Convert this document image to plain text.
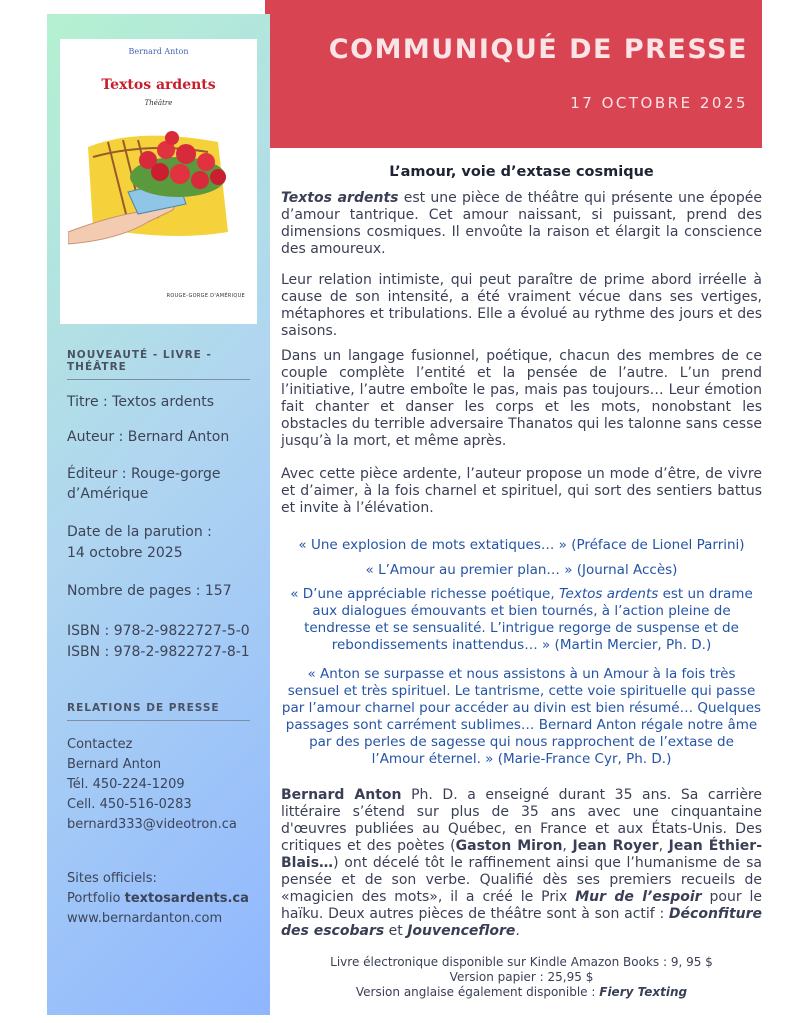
COMMUNIQUÉ DE PRESSE
17 OCTOBRE 2025
Bernard Anton
Textos ardents
Théâtre
ROUGE-GORGE D'AMÉRIQUE
NOUVEAUTÉ - LIVRE - THÉÂTRE
Titre : Textos ardents
Auteur : Bernard Anton
Éditeur : Rouge-gorge d’Amérique
Date de la parution :
14 octobre 2025
Nombre de pages : 157
ISBN : 978-2-9822727-5-0
ISBN : 978-2-9822727-8-1
RELATIONS DE PRESSE
Contactez
Bernard Anton
Tél. 450-224-1209
Cell. 450-516-0283
bernard333@videotron.ca
Sites officiels:
Portfolio textosardents.ca
www.bernardanton.com
L’amour, voie d’extase cosmique
Textos ardents est une pièce de théâtre qui présente une épopée d’amour tantrique. Cet amour naissant, si puissant, prend des dimensions cosmiques. Il envoûte la raison et élargit la conscience des amoureux.
Leur relation intimiste, qui peut paraître de prime abord irréelle à cause de son intensité, a été vraiment vécue dans ses vertiges, métaphores et tribulations. Elle a évolué au rythme des jours et des saisons.
Dans un langage fusionnel, poétique, chacun des membres de ce couple complète l’entité et la pensée de l’autre. L’un prend l’initiative, l’autre emboîte le pas, mais pas toujours… Leur émotion fait chanter et danser les corps et les mots, nonobstant les obstacles du terrible adversaire Thanatos qui les talonne sans cesse jusqu’à la mort, et même après.
Avec cette pièce ardente, l’auteur propose un mode d’être, de vivre et d’aimer, à la fois charnel et spirituel, qui sort des sentiers battus et invite à l’élévation.
« Une explosion de mots extatiques… » (Préface de Lionel Parrini)
« L’Amour au premier plan… » (Journal Accès)
« D’une appréciable richesse poétique, Textos ardents est un drame aux dialogues émouvants et bien tournés, à l’action pleine de tendresse et se sensualité. L’intrigue regorge de suspense et de rebondissements inattendus… » (Martin Mercier, Ph. D.)
« Anton se surpasse et nous assistons à un Amour à la fois très sensuel et très spirituel. Le tantrisme, cette voie spirituelle qui passe par l’amour charnel pour accéder au divin est bien résumé… Quelques passages sont carrément sublimes… Bernard Anton régale notre âme par des perles de sagesse qui nous rapprochent de l’extase de l’Amour éternel. » (Marie-France Cyr, Ph. D.)
Bernard Anton Ph. D. a enseigné durant 35 ans. Sa carrière littéraire s’étend sur plus de 35 ans avec une cinquantaine d'œuvres publiées au Québec, en France et aux États-Unis. Des critiques et des poètes (Gaston Miron, Jean Royer, Jean Éthier-Blais…) ont décelé tôt le raffinement ainsi que l’humanisme de sa pensée et de son verbe. Qualifié dès ses premiers recueils de «magicien des mots», il a créé le Prix Mur de l’espoir pour le haïku. Deux autres pièces de théâtre sont à son actif : Déconfiture des escobars et Jouvenceflore.
Livre électronique disponible sur Kindle Amazon Books : 9, 95 $
Version papier : 25,95 $
Version anglaise également disponible : Fiery Texting
